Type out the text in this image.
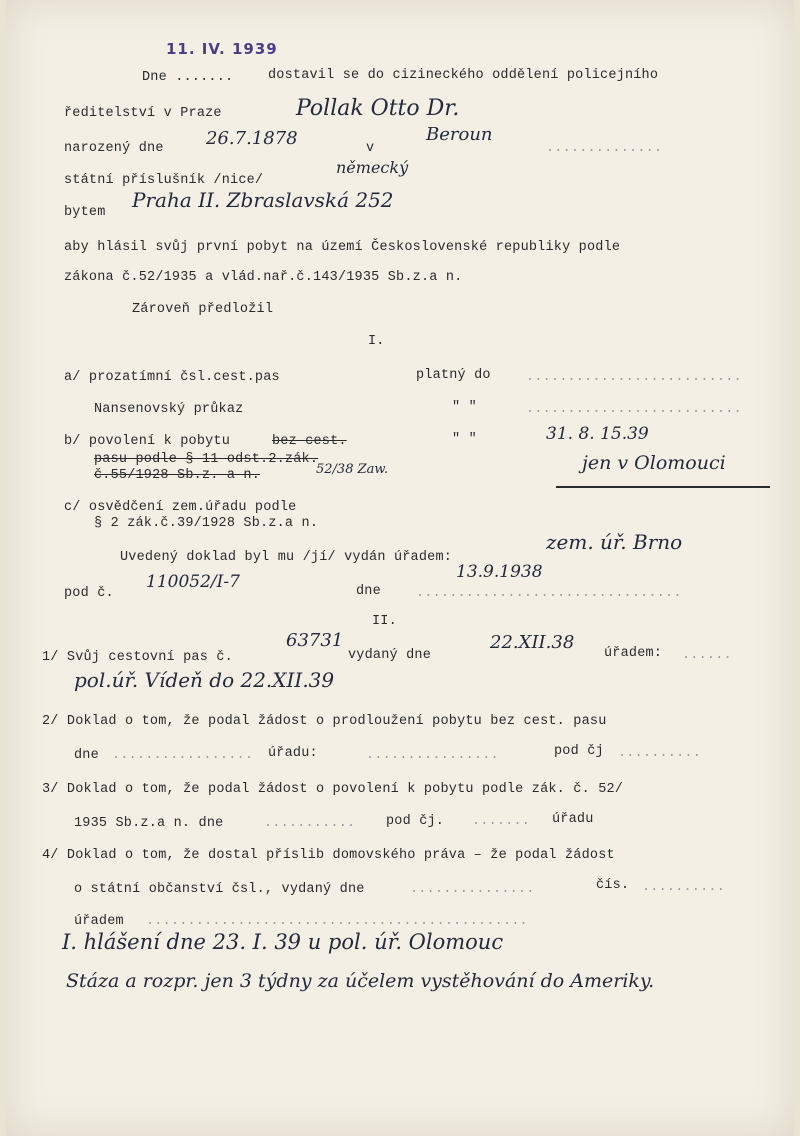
11. IV. 1939
Dne .......	dostavil se do cizineckého oddělení policejního
ředitelství v Praze	Pollak Otto Dr.
narozený dne 26.7.1878	v
Beroun
..............
státní příslušník /nice/
německý
bytem
Praha II. Zbraslavská 252
aby hlásil svůj první pobyt na území Československé republiky podle
zákona č.52/1935 a vlád.nař.č.143/1935 Sb.z.a n.
Zároveň předložil
I.
a/ prozatímní čsl.cest.pas	platný do	..........................
Nansenovský průkaz	" "	..........................
b/ povolení k pobytu	bez cest.	" "	31. 8. 15.39
pasu podle § 11 odst.2.zák.
č.55/1928 Sb.z. a n.	52/38 Zaw.	jen v Olomouci
c/ osvědčení zem.úřadu podle
§ 2 zák.č.39/1928 Sb.z.a n.
Uvedený doklad byl mu /jí/ vydán úřadem:
zem. úř. Brno
pod č.
110052/I-7	dne
13.9.1938
................................
II.
1/ Svůj cestovní pas č.
63731
vydaný dne
22.XII.38
úřadem: ......
pol.úř. Vídeň do 22.XII.39
2/ Doklad o tom, že podal žádost o prodloužení pobytu bez cest. pasu
dne ................. úřadu:	................	pod čj ..........
3/ Doklad o tom, že podal žádost o povolení k pobytu podle zák. č. 52/
1935 Sb.z.a n. dne	........... pod čj. ....... úřadu
4/ Doklad o tom, že dostal příslib domovského práva – že podal žádost
o státní občanství čsl., vydaný dne	...............	čís. ..........
úřadem ..............................................
I. hlášení dne 23. I. 39 u pol. úř. Olomouc
Stáza a rozpr. jen 3 týdny za účelem vystěhování do Ameriky.
